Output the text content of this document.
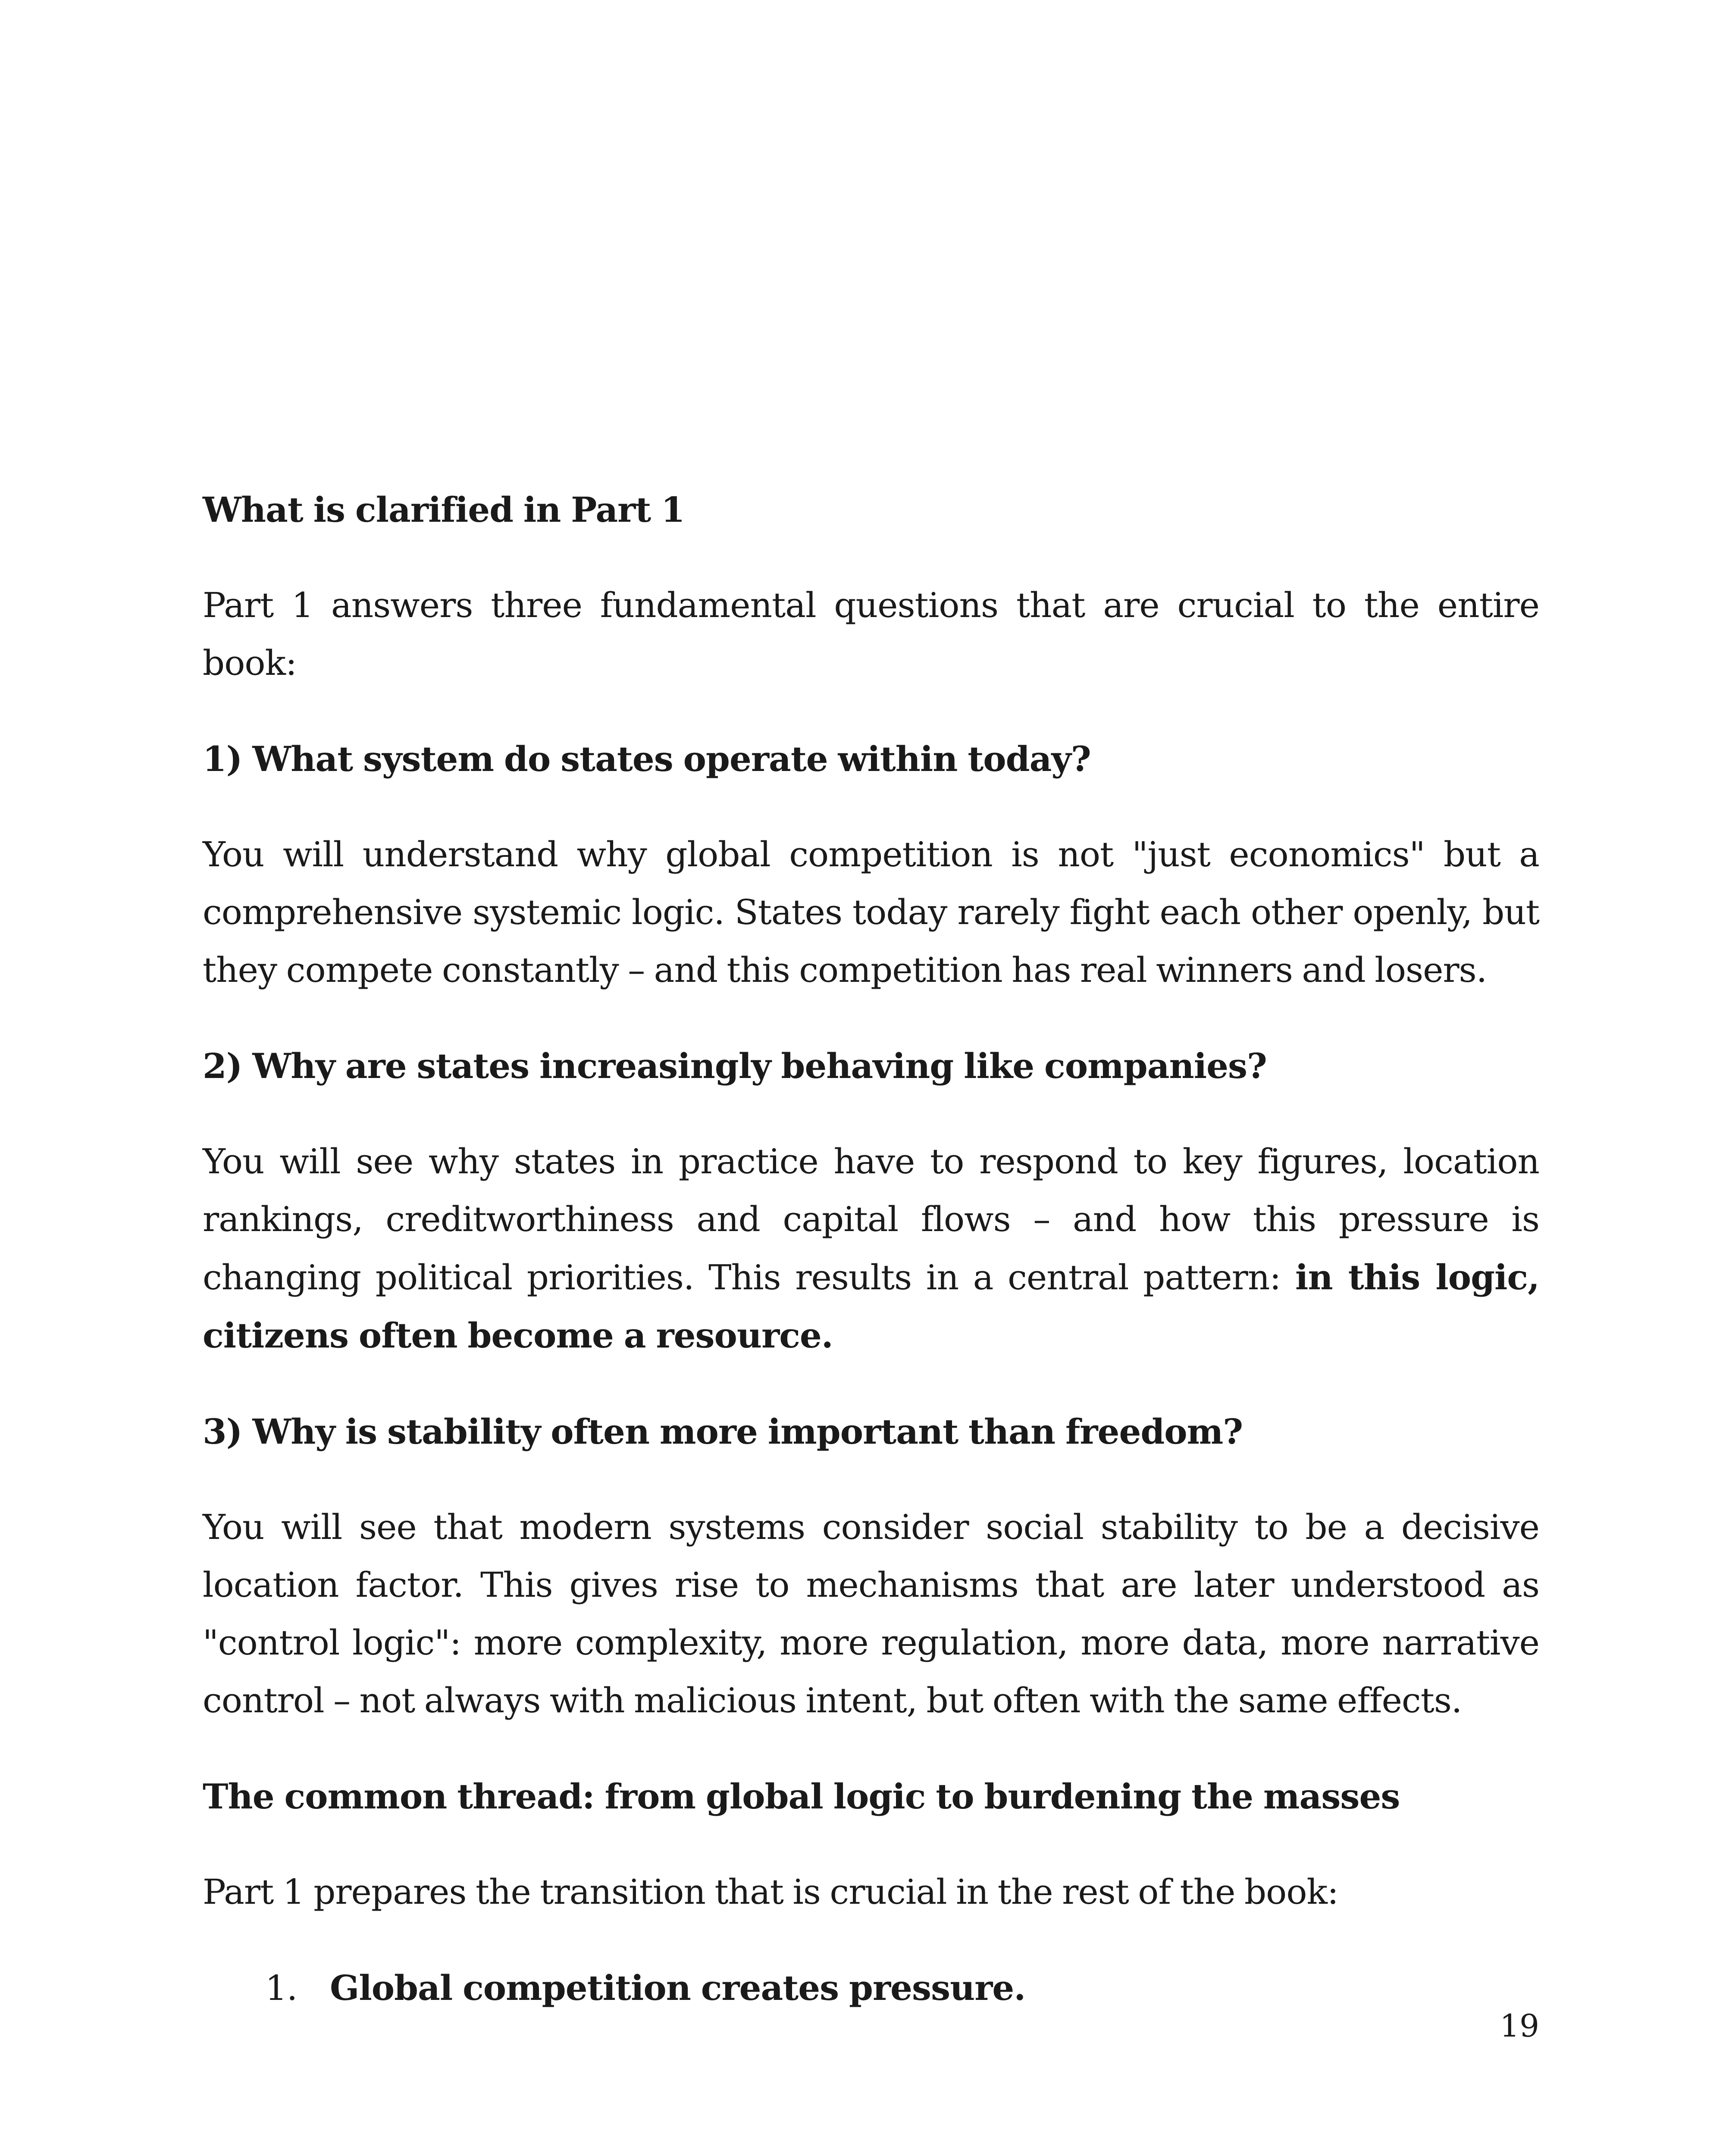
What is clarified in Part 1

Part 1 answers three fundamental questions that are crucial to the entire book:

1) What system do states operate within today?

You will understand why global competition is not "just economics" but a comprehensive systemic logic. States today rarely fight each other openly, but they compete constantly – and this competition has real winners and losers.

2) Why are states increasingly behaving like companies?

You will see why states in practice have to respond to key figures, location rankings, creditworthiness and capital flows – and how this pressure is changing political priorities. This results in a central pattern: in this logic, citizens often become a resource.

3) Why is stability often more important than freedom?

You will see that modern systems consider social stability to be a decisive location factor. This gives rise to mechanisms that are later understood as "control logic": more complexity, more regulation, more data, more narrative control – not always with malicious intent, but often with the same effects.

The common thread: from global logic to burdening the masses

Part 1 prepares the transition that is crucial in the rest of the book:

1. Global competition creates pressure.
19
